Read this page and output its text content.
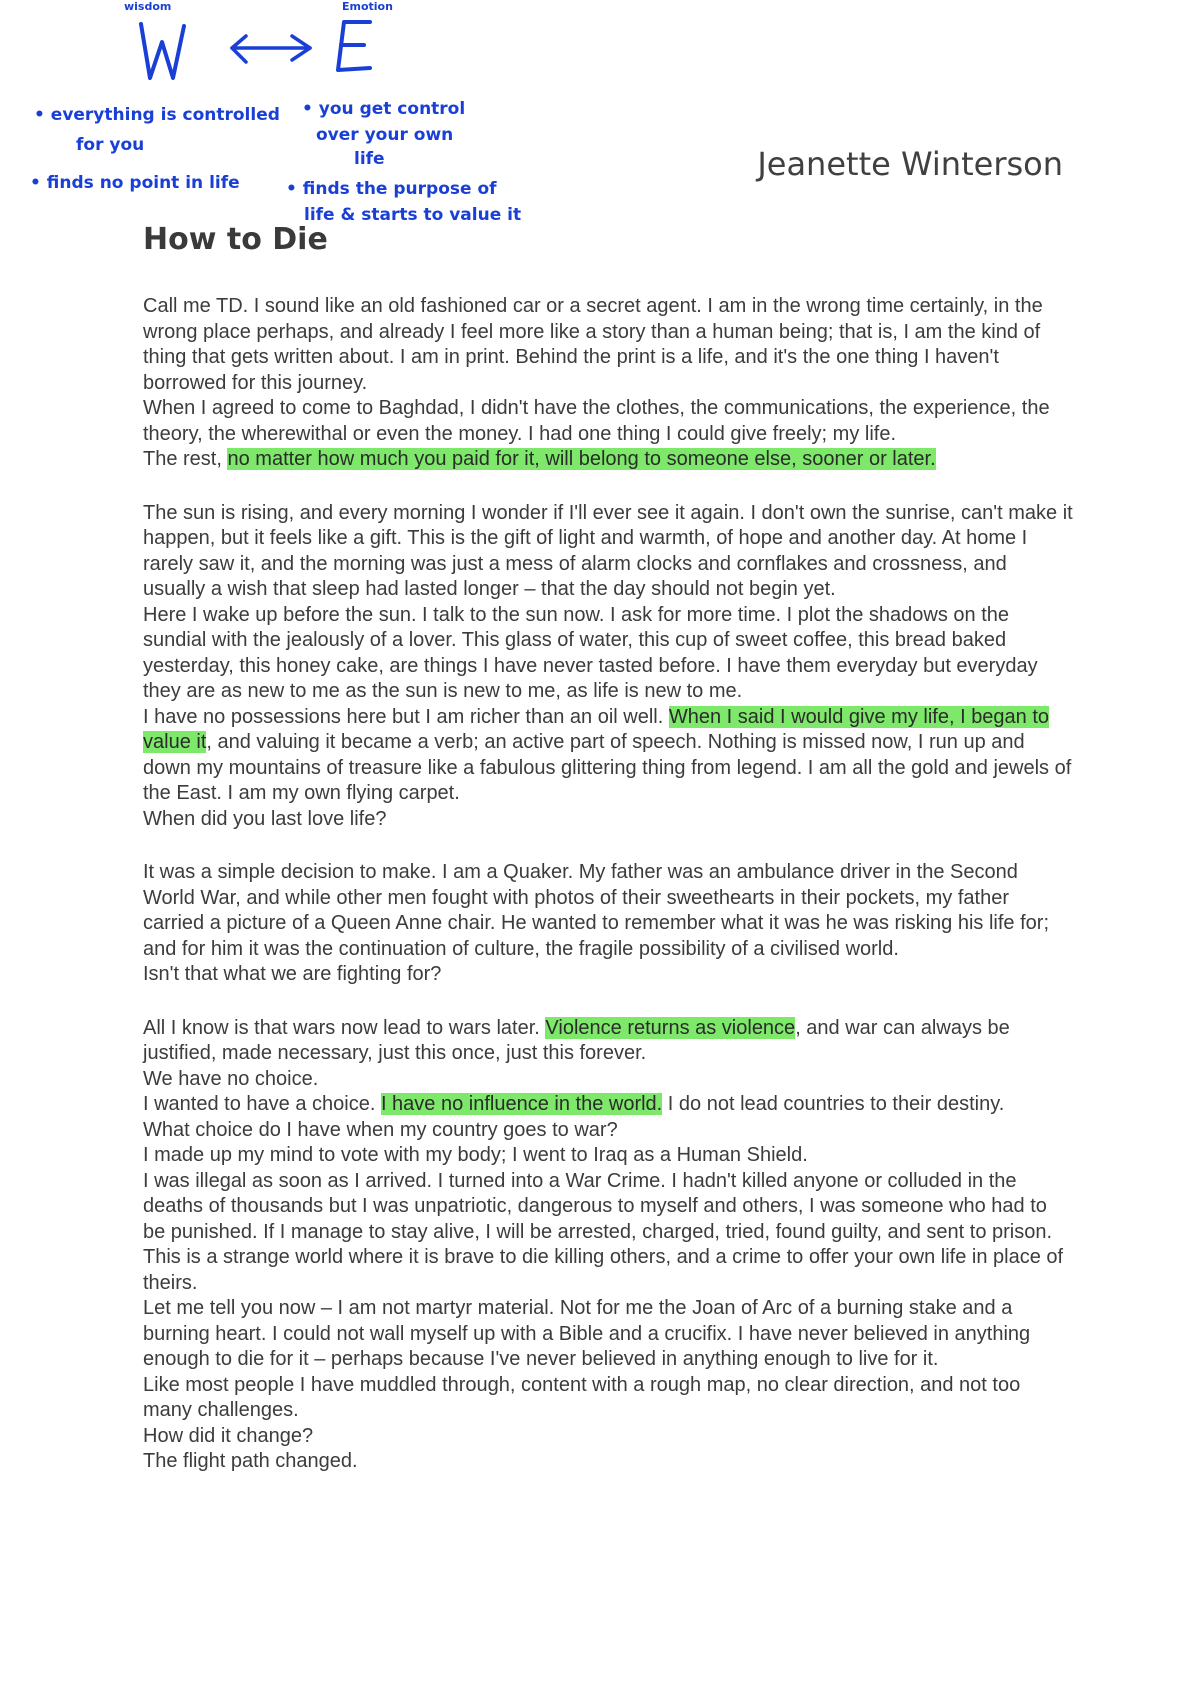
wisdom	Emotion
• everything is controlled
for you
• finds no point in life
• you get control
over your own
life
• finds the purpose of
life & starts to value it
Jeanette Winterson
How to Die

Call me TD. I sound like an old fashioned car or a secret agent. I am in the wrong time certainly, in the wrong place perhaps, and already I feel more like a story than a human being; that is, I am the kind of thing that gets written about. I am in print. Behind the print is a life, and it's the one thing I haven't borrowed for this journey.

When I agreed to come to Baghdad, I didn't have the clothes, the communications, the experience, the theory, the wherewithal or even the money. I had one thing I could give freely; my life.

The rest, no matter how much you paid for it, will belong to someone else, sooner or later.

The sun is rising, and every morning I wonder if I'll ever see it again. I don't own the sunrise, can't make it happen, but it feels like a gift. This is the gift of light and warmth, of hope and another day. At home I rarely saw it, and the morning was just a mess of alarm clocks and cornflakes and crossness, and usually a wish that sleep had lasted longer – that the day should not begin yet.

Here I wake up before the sun. I talk to the sun now. I ask for more time. I plot the shadows on the sundial with the jealously of a lover. This glass of water, this cup of sweet coffee, this bread baked yesterday, this honey cake, are things I have never tasted before. I have them everyday but everyday they are as new to me as the sun is new to me, as life is new to me.

I have no possessions here but I am richer than an oil well. When I said I would give my life, I began to value it, and valuing it became a verb; an active part of speech. Nothing is missed now, I run up and down my mountains of treasure like a fabulous glittering thing from legend. I am all the gold and jewels of the East. I am my own flying carpet.

When did you last love life?

It was a simple decision to make. I am a Quaker. My father was an ambulance driver in the Second World War, and while other men fought with photos of their sweethearts in their pockets, my father carried a picture of a Queen Anne chair. He wanted to remember what it was he was risking his life for; and for him it was the continuation of culture, the fragile possibility of a civilised world.

Isn't that what we are fighting for?

All I know is that wars now lead to wars later. Violence returns as violence, and war can always be justified, made necessary, just this once, just this forever.

We have no choice.

I wanted to have a choice. I have no influence in the world. I do not lead countries to their destiny.

What choice do I have when my country goes to war?

I made up my mind to vote with my body; I went to Iraq as a Human Shield.

I was illegal as soon as I arrived. I turned into a War Crime. I hadn't killed anyone or colluded in the deaths of thousands but I was unpatriotic, dangerous to myself and others, I was someone who had to be punished. If I manage to stay alive, I will be arrested, charged, tried, found guilty, and sent to prison. This is a strange world where it is brave to die killing others, and a crime to offer your own life in place of theirs.

Let me tell you now – I am not martyr material. Not for me the Joan of Arc of a burning stake and a burning heart. I could not wall myself up with a Bible and a crucifix. I have never believed in anything enough to die for it – perhaps because I've never believed in anything enough to live for it.

Like most people I have muddled through, content with a rough map, no clear direction, and not too many challenges.

How did it change?

The flight path changed.
